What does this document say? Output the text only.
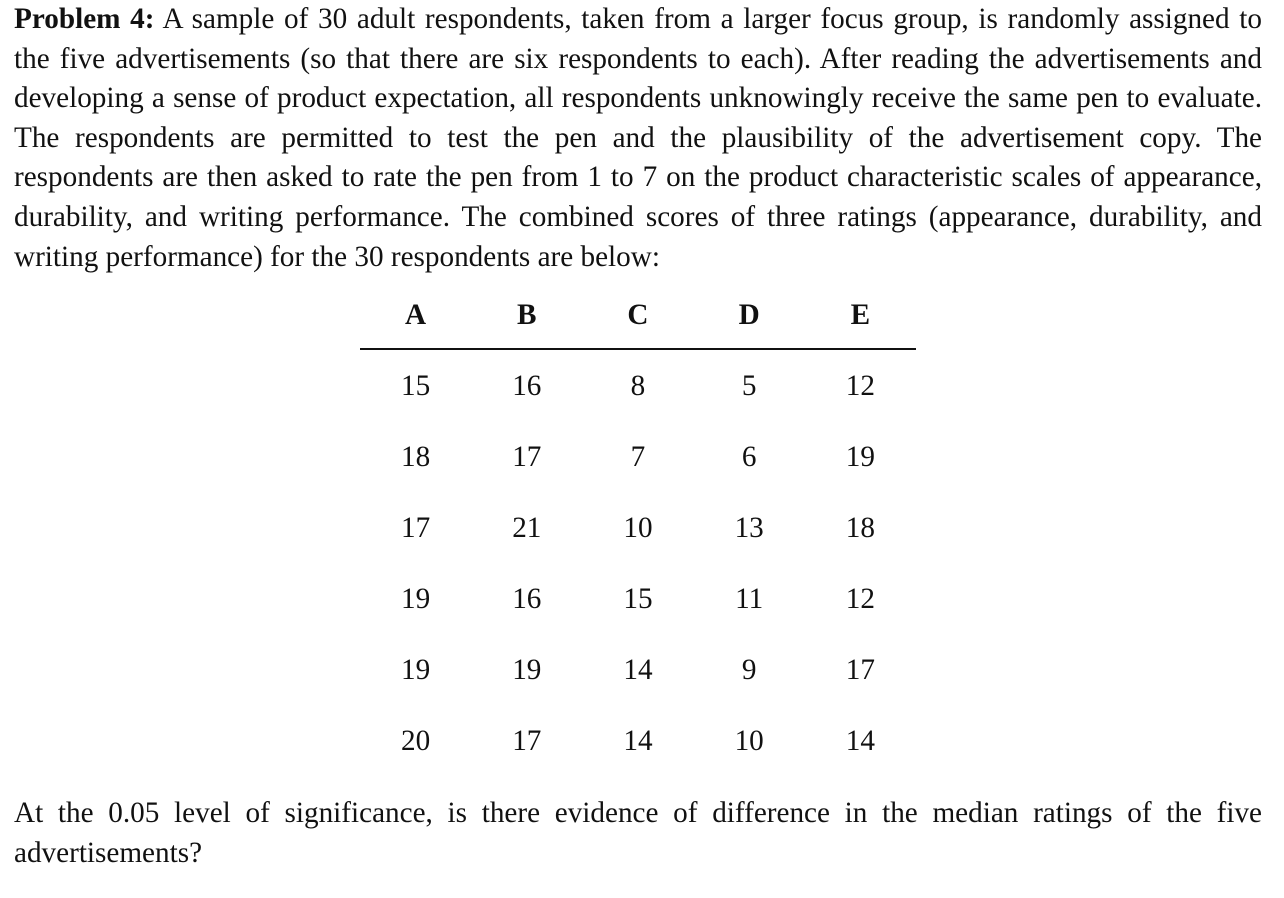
Problem 4: A sample of 30 adult respondents, taken from a larger focus group, is randomly assigned to the five advertisements (so that there are six respondents to each). After reading the advertisements and developing a sense of product expectation, all respondents unknowingly receive the same pen to evaluate. The respondents are permitted to test the pen and the plausibility of the advertisement copy. The respondents are then asked to rate the pen from 1 to 7 on the product characteristic scales of appearance, durability, and writing performance. The combined scores of three ratings (appearance, durability, and writing performance) for the 30 respondents are below:
A	B	C	D	E
15	16	8	5	12
18	17	7	6	19
17	21	10	13	18
19	16	15	11	12
19	19	14	9	17
20	17	14	10	14
At the 0.05 level of significance, is there evidence of difference in the median ratings of the five advertisements?
